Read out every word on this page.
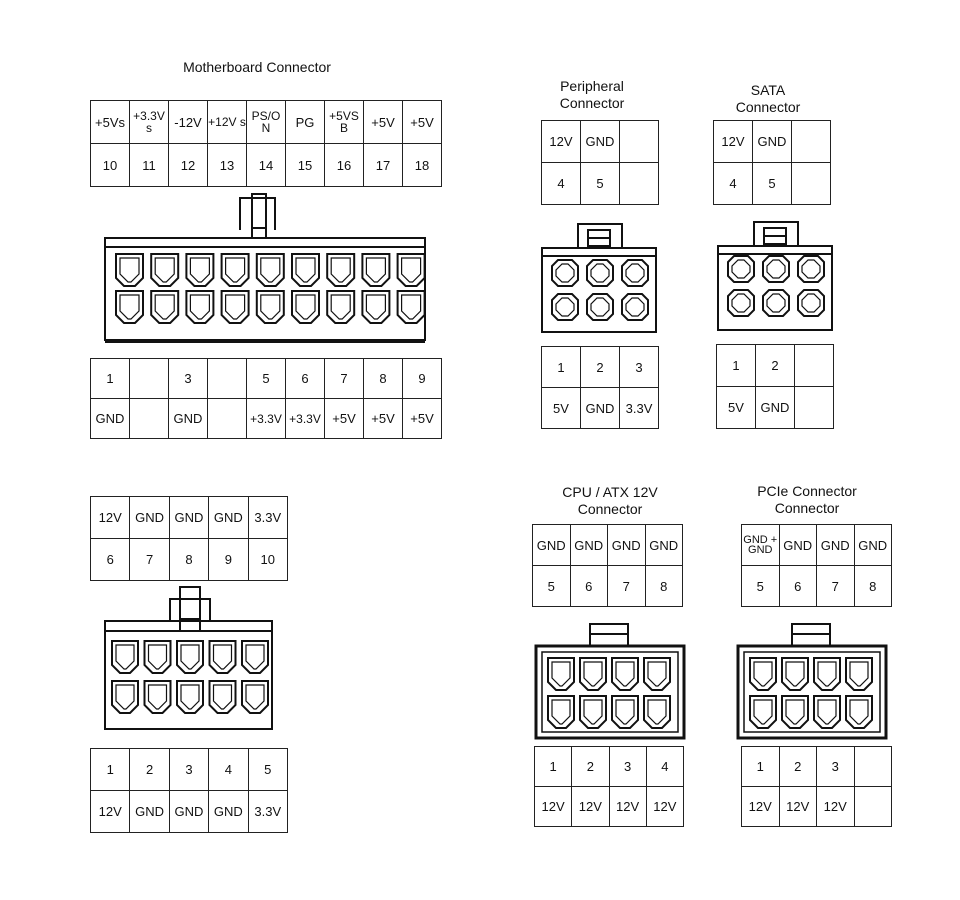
Motherboard Connector
+5Vs	+3.3V s	-12V	+12V s	PS/O N	PG	+5VS B	+5V	+5V
10	11	12	13	14	15	16	17	18
1		3		5	6	7	8	9
GND		GND		+3.3V	+3.3V	+5V	+5V	+5V
Peripheral Connector
12V	GND	
4	5	
1	2	3
5V	GND	3.3V
SATA Connector
12V	GND	
4	5	
1	2	
5V	GND	
12V	GND	GND	GND	3.3V
6	7	8	9	10
1	2	3	4	5
12V	GND	GND	GND	3.3V
CPU / ATX 12V Connector
GND	GND	GND	GND
5	6	7	8
1	2	3	4
12V	12V	12V	12V
PCIe Connector Connector
GND + GND	GND	GND	GND
5	6	7	8
1	2	3	
12V	12V	12V	
